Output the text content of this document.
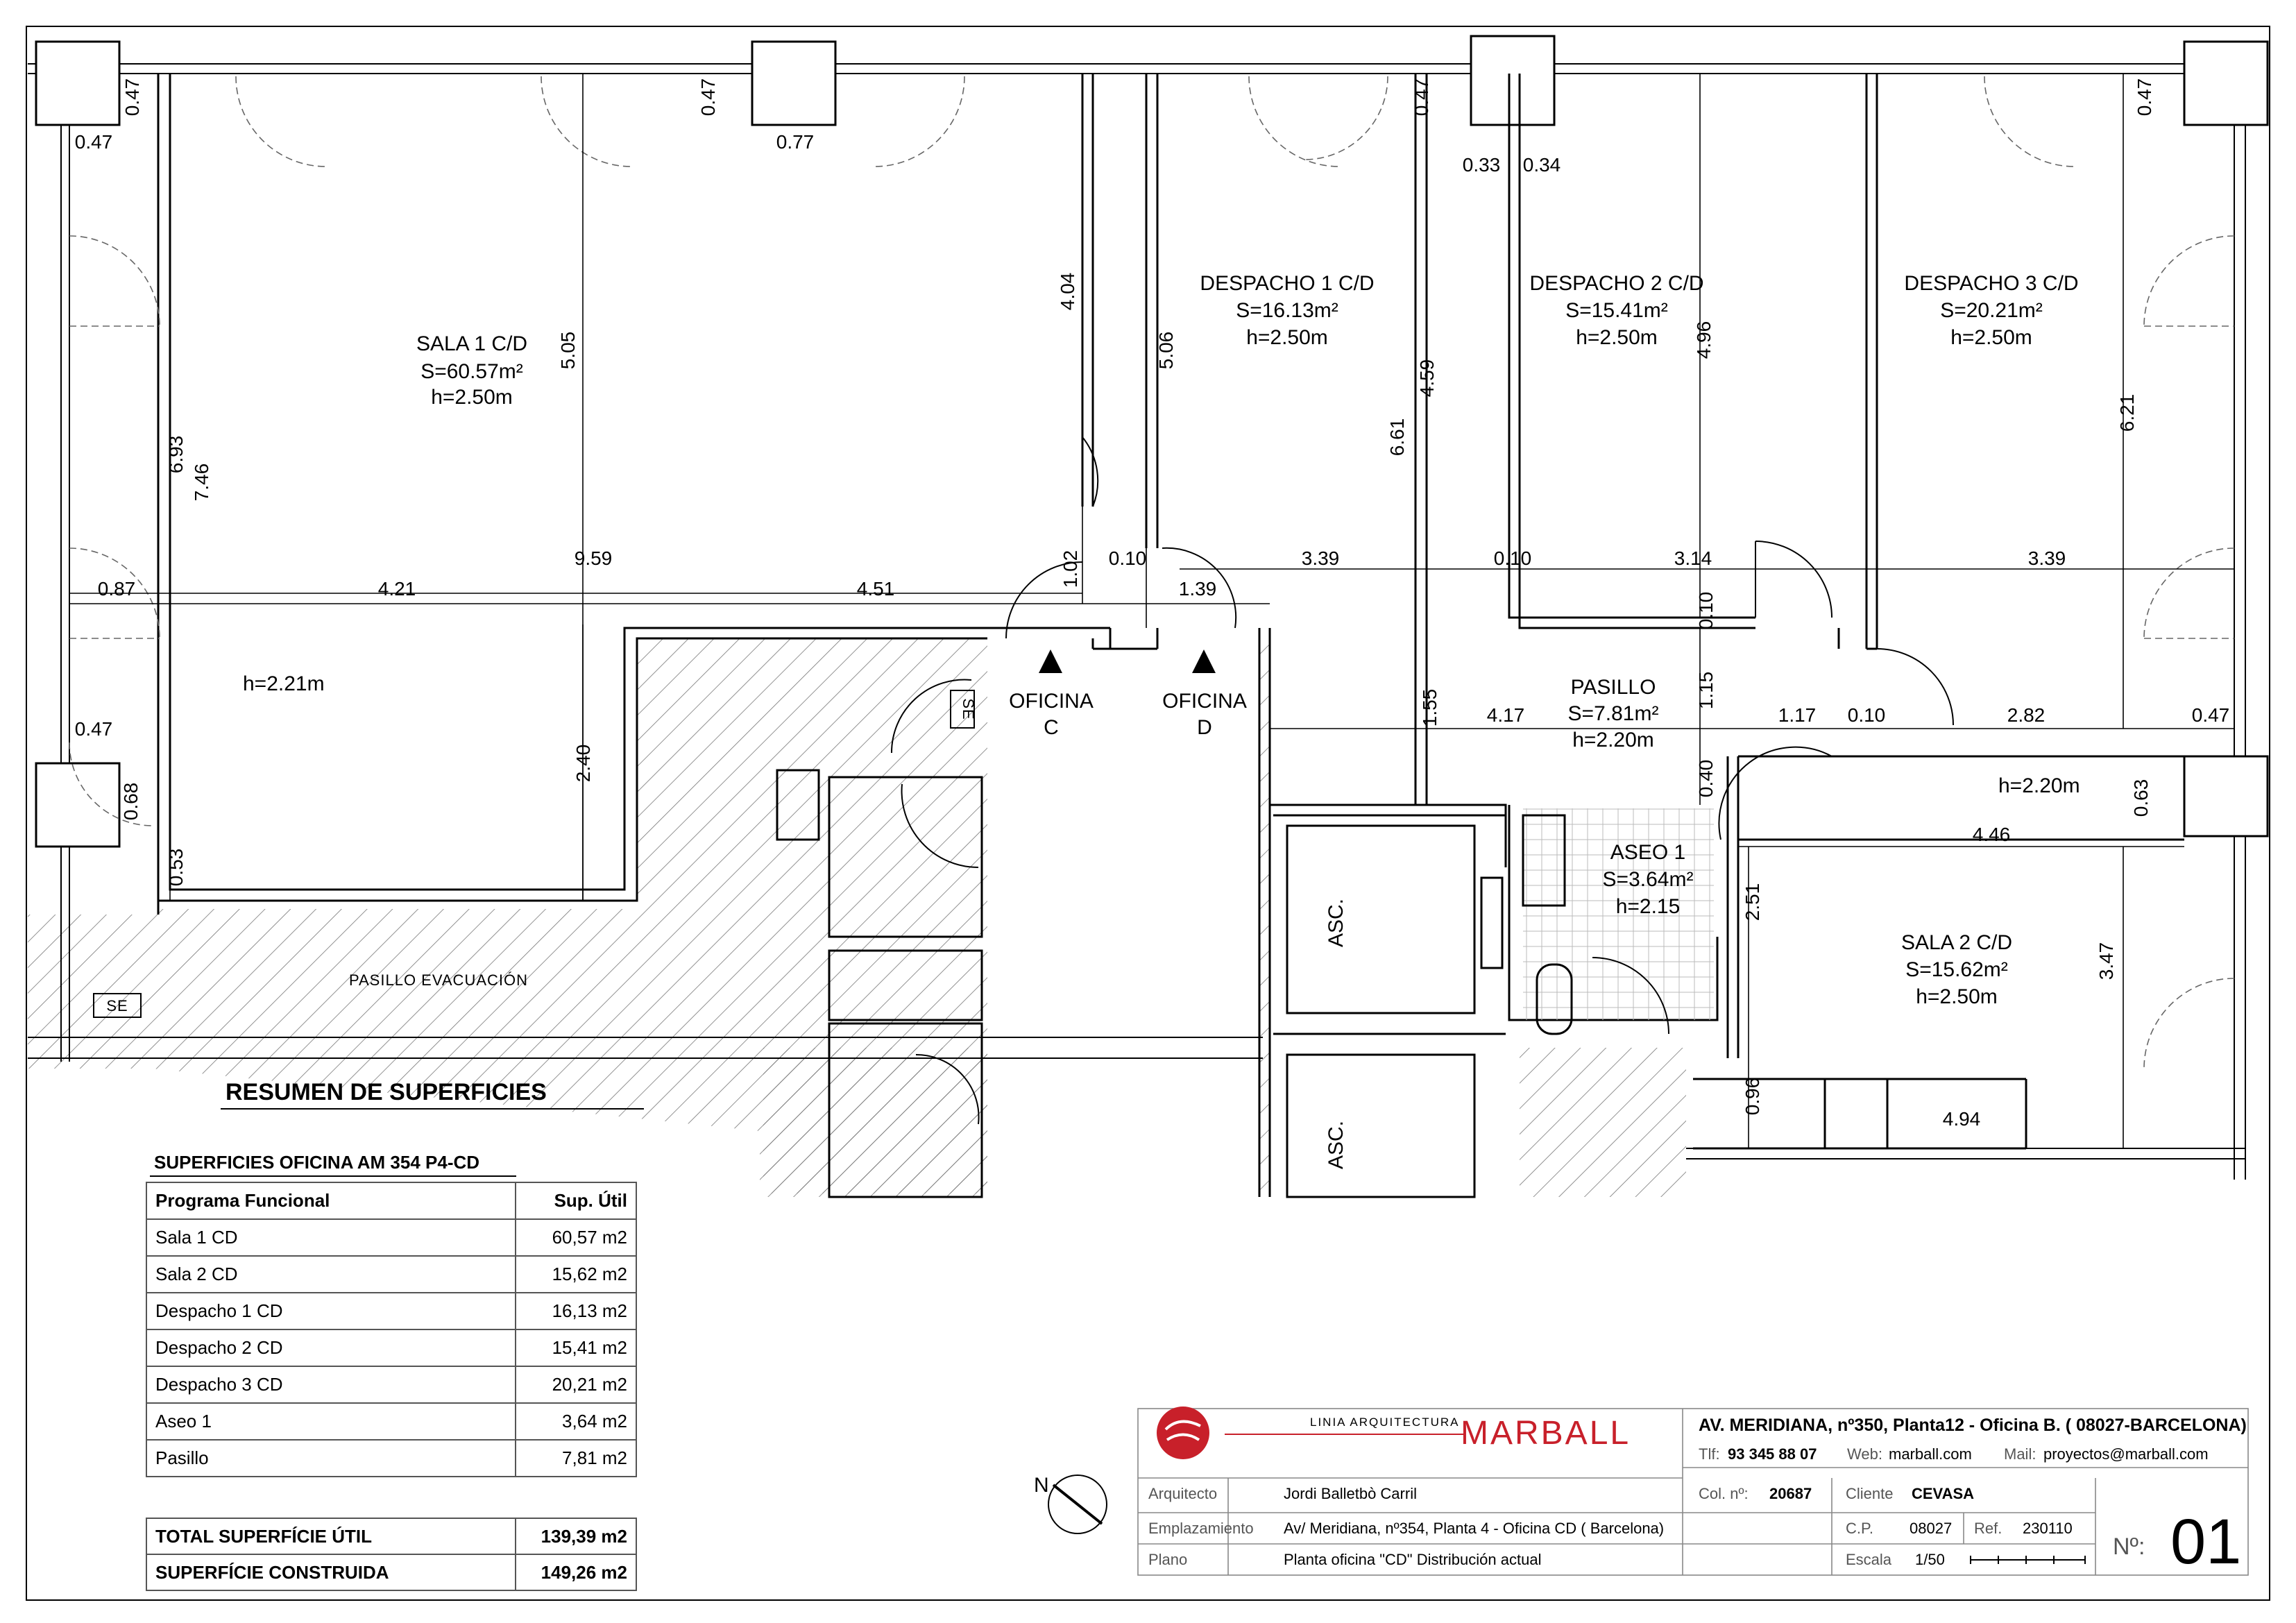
SALA 1 C/D
S=60.57m²
h=2.50m
DESPACHO 1 C/D
S=16.13m²
h=2.50m
DESPACHO 2 C/D
S=15.41m²
h=2.50m
DESPACHO 3 C/D
S=20.21m²
h=2.50m
PASILLO
S=7.81m²
h=2.20m
ASEO 1
S=3.64m²
h=2.15
SALA 2 C/D
S=15.62m²
h=2.50m
h=2.21m
h=2.20m
OFICINA
C
OFICINA
D
PASILLO EVACUACIÓN
ASC.
ASC.
SE
SE
0.47
0.47	0.77
0.47
0.33 0.34
0.47	0.47
4.04
5.06
5.05
6.93
7.46
4.59
6.61
4.96
6.21
9.59	1.02 0.10	3.39	0.10	3.14	3.39
0.87	4.21	4.51	1.39
0.10
1.15
1.55 4.17	1.17 0.10	2.82	0.47
0.47
0.68
0.53
2.40	0.40
0.63
4.46
2.51
3.47
0.96
4.94
N
RESUMEN DE SUPERFICIES
SUPERFICIES OFICINA AM 354 P4-CD
Programa Funcional	Sup. Útil
Sala 1 CD	60,57 m2
Sala 2 CD	15,62 m2
Despacho 1 CD	16,13 m2
Despacho 2 CD	15,41 m2
Despacho 3 CD	20,21 m2
Aseo 1	3,64 m2
Pasillo	7,81 m2
TOTAL SUPERFÍCIE ÚTIL	139,39 m2
SUPERFÍCIE CONSTRUIDA	149,26 m2
LINIA ARQUITECTURA MARBALL	AV. MERIDIANA, nº350, Planta12 - Oficina B. ( 08027-BARCELONA)
Tlf: 93 345 88 07 Web: marball.com Mail: proyectos@marball.com
Arquitecto	Jordi Balletbò Carril	Col. nº: 20687 Cliente CEVASA
Emplazamiento Av/ Meridiana, nº354, Planta 4 - Oficina CD ( Barcelona)	C.P. 08027 Ref. 230110
Plano	Planta oficina "CD" Distribución actual	Escala 1/50	Nº: 01
